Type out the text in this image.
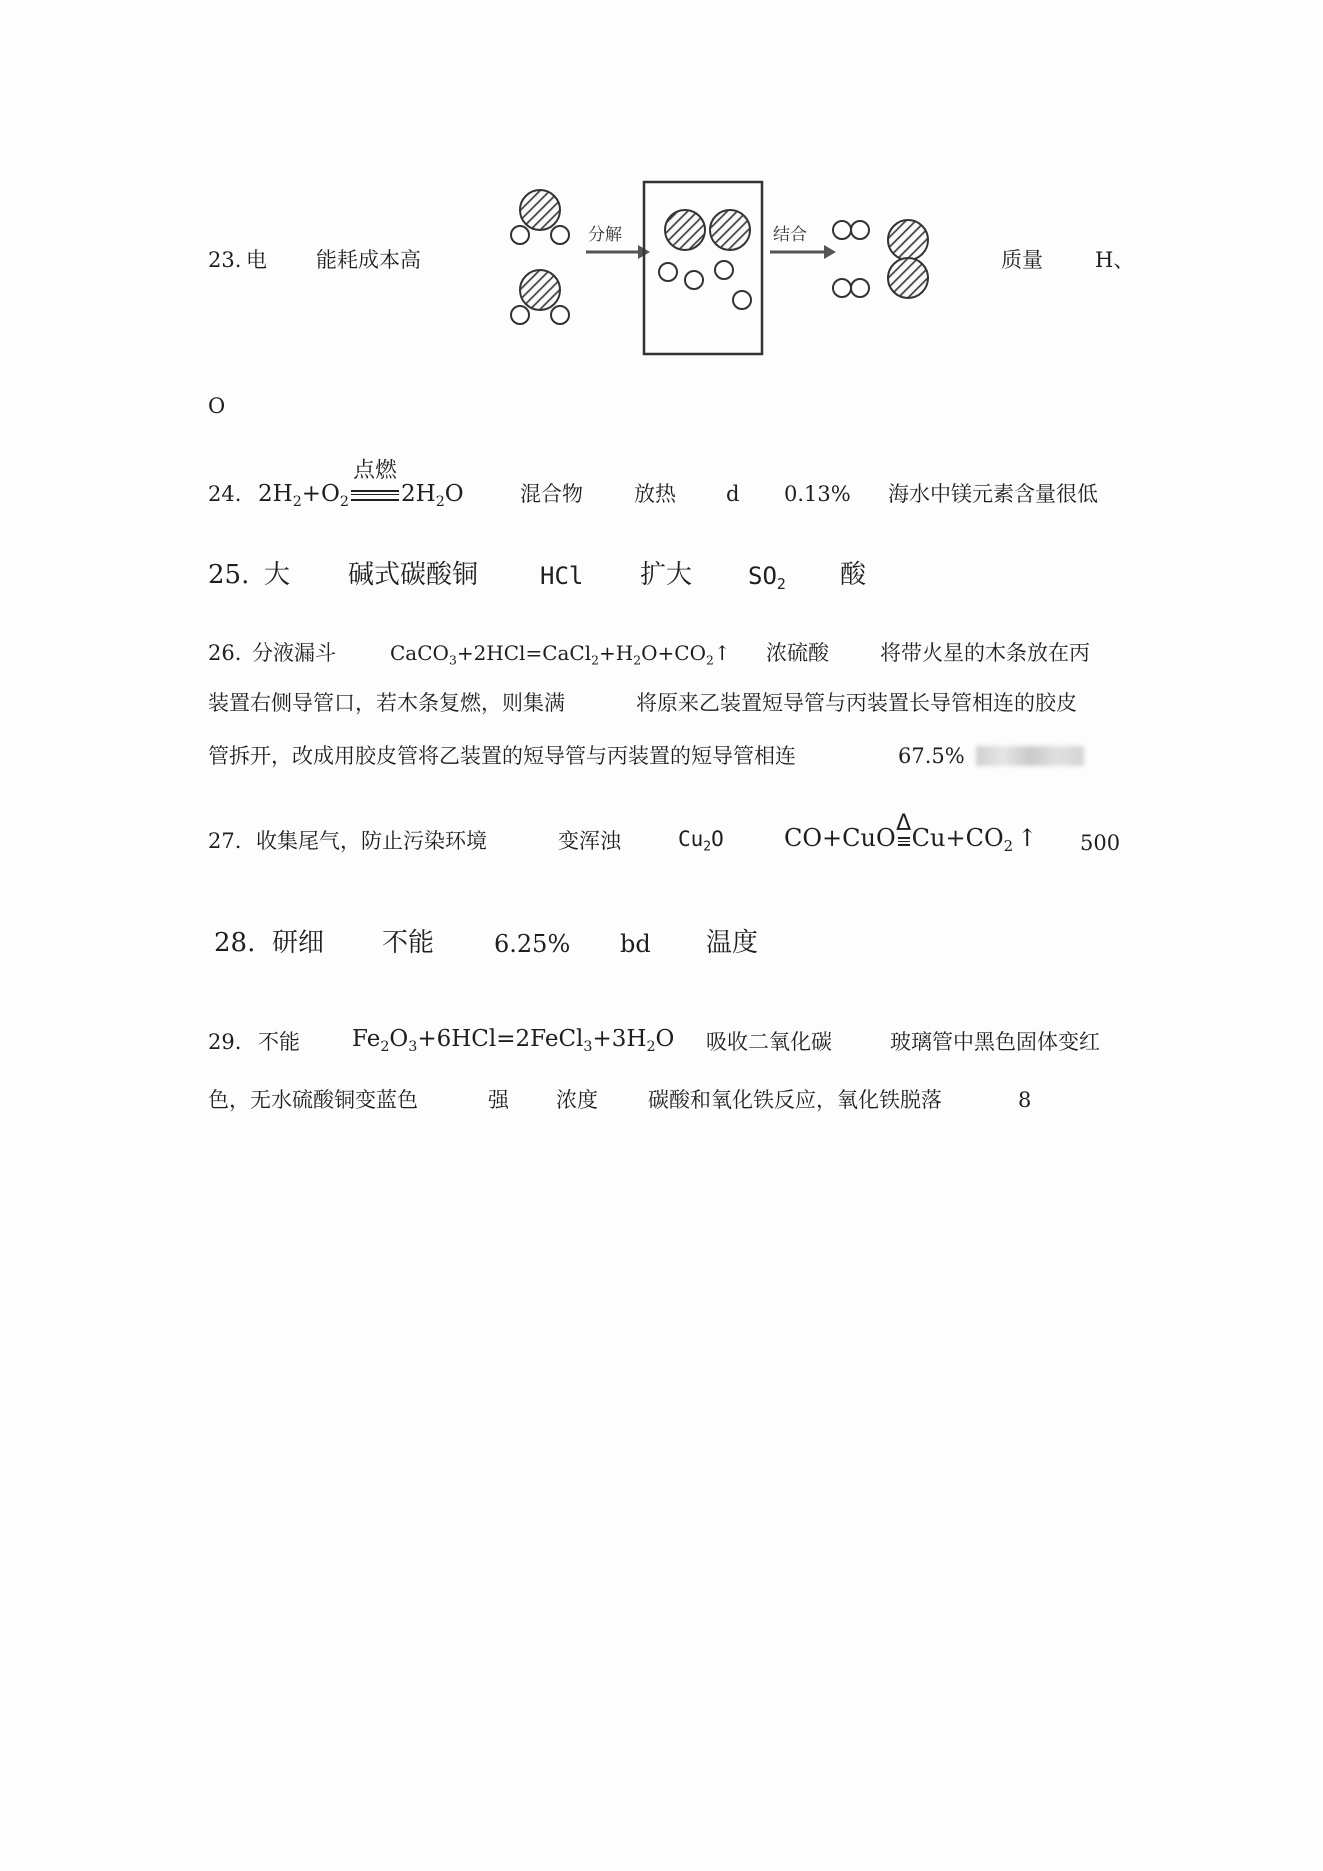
23. 电 能耗成本高	质量 H、
O
分解	结合
24. $2H_2+O_2$
点燃
$2H_2O$	混合物 放热 d 0.13% 海水中镁元素含量很低
25. 大 碱式碳酸铜	HCl 扩大 $SO_2$ 酸
26. 分液漏斗	$CaCO_3+2HCl=CaCl_2+H_2O+CO_2↑$ 浓硫酸 将带火星的木条放在丙
装置右侧导管口，若木条复燃，则集满	将原来乙装置短导管与丙装置长导管相连的胶皮
管拆开，改成用胶皮管将乙装置的短导管与丙装置的短导管相连	67.5%
27. 收集尾气，防止污染环境	变浑浊	$Cu_2O$	CO+CuO
Δ
$Cu+CO_2$ ↑ 500
28. 研细 不能 6.25% bd 温度
29. 不能 $Fe_2O_3+6HCl=2FeCl_3+3H_2O$ 吸收二氧化碳	玻璃管中黑色固体变红
色，无水硫酸铜变蓝色	强 浓度 碳酸和氧化铁反应，氧化铁脱落	8
